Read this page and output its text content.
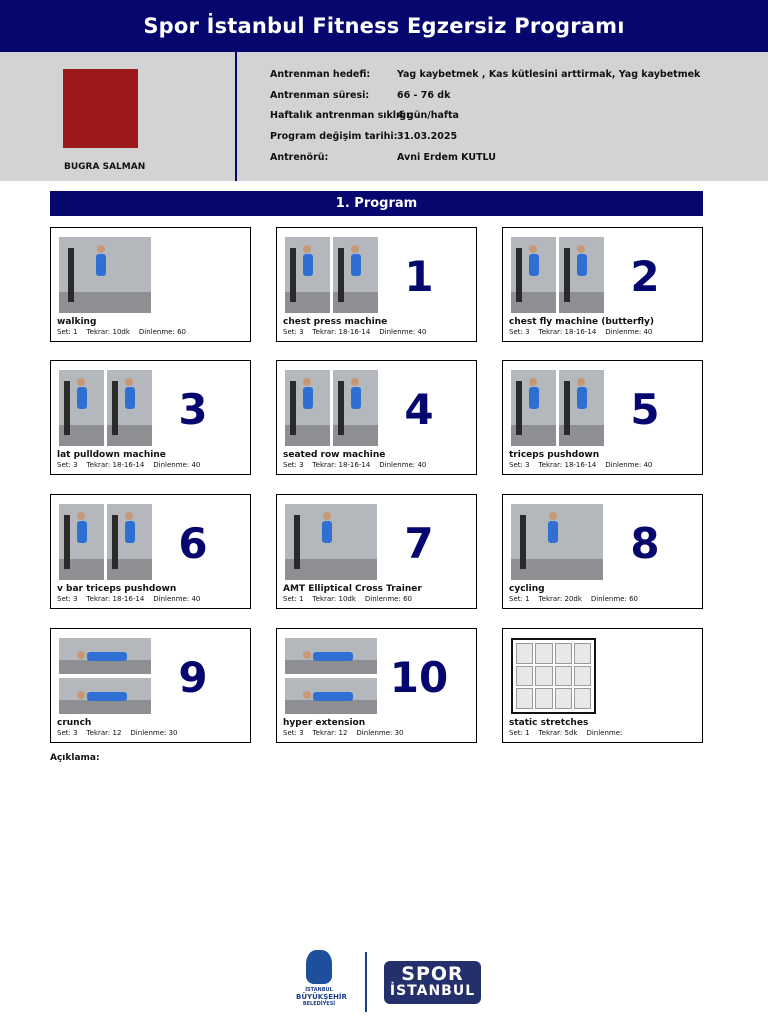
Spor İstanbul Fitness Egzersiz Programı
BUGRA SALMAN
Antrenman hedefi:	Yag kaybetmek , Kas kütlesini arttirmak, Yag kaybetmek
Antrenman süresi:	66 - 76 dk
Haftalık antrenman sıklığı:
4 gün/hafta
Program değişim tarihi: 31.03.2025
Antrenörü:	Avni Erdem KUTLU
1. Program
walking
Set: 1 Tekrar: 10dk Dinlenme: 60
1
chest press machine
Set: 3 Tekrar: 18-16-14 Dinlenme: 40
2
chest fly machine (butterfly)
Set: 3 Tekrar: 18-16-14 Dinlenme: 40
3
lat pulldown machine
Set: 3 Tekrar: 18-16-14 Dinlenme: 40
4
seated row machine
Set: 3 Tekrar: 18-16-14 Dinlenme: 40
5
triceps pushdown
Set: 3 Tekrar: 18-16-14 Dinlenme: 40
6
v bar triceps pushdown
Set: 3 Tekrar: 18-16-14 Dinlenme: 40
7
AMT Elliptical Cross Trainer
Set: 1 Tekrar: 10dk Dinlenme: 60
8
cycling
Set: 1 Tekrar: 20dk Dinlenme: 60
9
crunch
Set: 3 Tekrar: 12 Dinlenme: 30
10
hyper extension
Set: 3 Tekrar: 12 Dinlenme: 30
static stretches
Set: 1 Tekrar: 5dk Dinlenme:
Açıklama:
İSTANBUL
BÜYÜKŞEHİR
BELEDİYESİ
SPOR
İSTANBUL
